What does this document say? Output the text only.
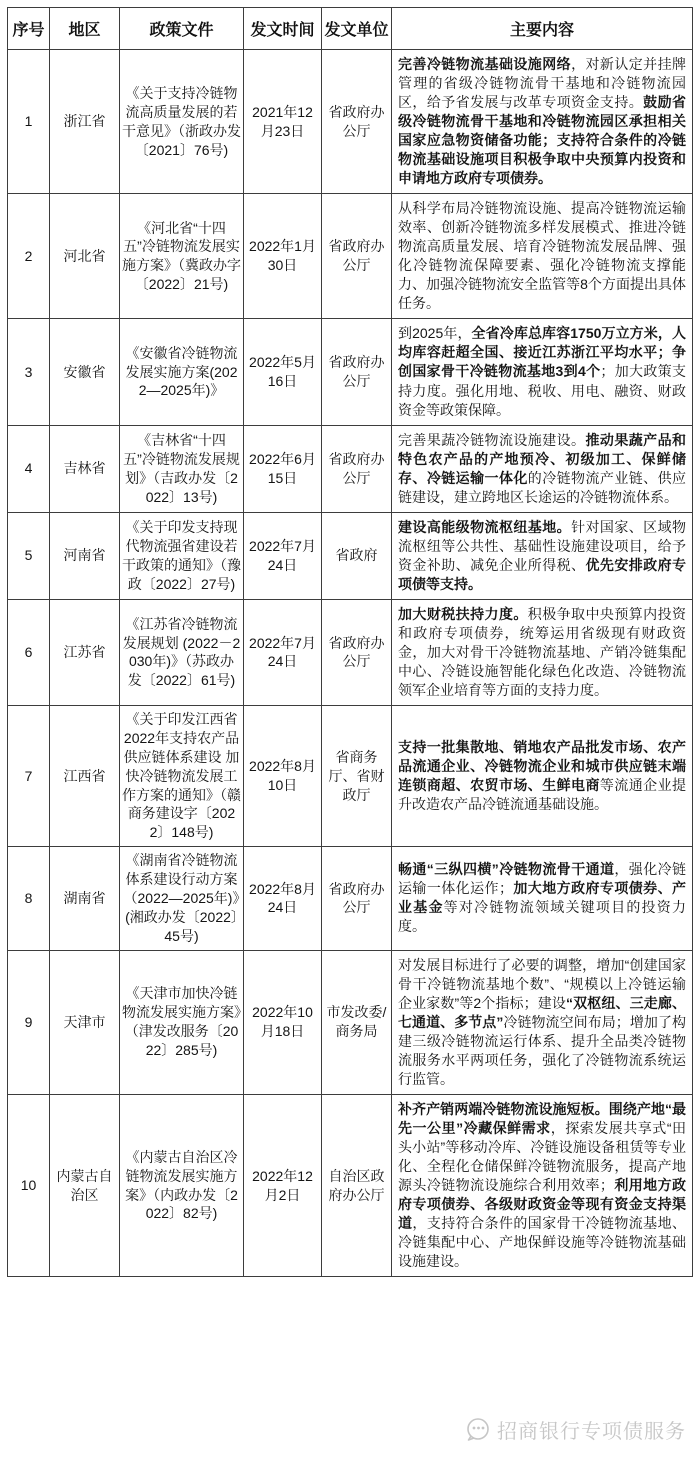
序号	地区	政策文件	发文时间	发文单位	主要内容
1	浙江省	《关于支持冷链物流高质量发展的若干意见》（浙政办发〔2021〕76号)	2021年12月23日	省政府办公厅	完善冷链物流基础设施网络，对新认定并挂牌管理的省级冷链物流骨干基地和冷链物流园区，给予省发展与改革专项资金支持。鼓励省级冷链物流骨干基地和冷链物流园区承担相关国家应急物资储备功能；支持符合条件的冷链物流基础设施项目积极争取中央预算内投资和申请地方政府专项债券。
2	河北省	《河北省“十四五”冷链物流发展实施方案》（冀政办字〔2022〕21号)	2022年1月30日	省政府办公厅	从科学布局冷链物流设施、提高冷链物流运输效率、创新冷链物流多样发展模式、推进冷链物流高质量发展、培育冷链物流发展品牌、强化冷链物流保障要素、强化冷链物流支撑能力、加强冷链物流安全监管等8个方面提出具体任务。
3	安徽省	《安徽省冷链物流发展实施方案(2022—2025年)》	2022年5月16日	省政府办公厅	到2025年，全省冷库总库容1750万立方米，人均库容赶超全国、接近江苏浙江平均水平；争创国家骨干冷链物流基地3到4个；加大政策支持力度。强化用地、税收、用电、融资、财政资金等政策保障。
4	吉林省	《吉林省“十四五”冷链物流发展规划》（吉政办发〔2022〕13号)	2022年6月15日	省政府办公厅	完善果蔬冷链物流设施建设。推动果蔬产品和特色农产品的产地预冷、初级加工、保鲜储存、冷链运输一体化的冷链物流产业链、供应链建设，建立跨地区长途运的冷链物流体系。
5	河南省	《关于印发支持现代物流强省建设若干政策的通知》（豫政〔2022〕27号)	2022年7月24日	省政府	建设高能级物流枢纽基地。针对国家、区域物流枢纽等公共性、基础性设施建设项目，给予资金补助、减免企业所得税、优先安排政府专项债等支持。
6	江苏省	《江苏省冷链物流发展规划 (2022－2030年)》（苏政办发〔2022〕61号)	2022年7月24日	省政府办公厅	加大财税扶持力度。积极争取中央预算内投资和政府专项债券，统筹运用省级现有财政资金，加大对骨干冷链物流基地、产销冷链集配中心、冷链设施智能化绿色化改造、冷链物流领军企业培育等方面的支持力度。
7	江西省	《关于印发江西省2022年支持农产品供应链体系建设 加快冷链物流发展工作方案的通知》（赣商务建设字〔2022〕148号)	2022年8月10日	省商务厅、省财政厅	支持一批集散地、销地农产品批发市场、农产品流通企业、冷链物流企业和城市供应链末端连锁商超、农贸市场、生鲜电商等流通企业提升改造农产品冷链流通基础设施。
8	湖南省	《湖南省冷链物流体系建设行动方案（2022—2025年)》(湘政办发〔2022〕45号)	2022年8月24日	省政府办公厅	畅通“三纵四横”冷链物流骨干通道，强化冷链运输一体化运作；加大地方政府专项债券、产业基金等对冷链物流领域关键项目的投资力度。
9	天津市	《天津市加快冷链物流发展实施方案》（津发改服务〔2022〕285号)	2022年10月18日	市发改委/商务局	对发展目标进行了必要的调整，增加“创建国家骨干冷链物流基地个数”、“规模以上冷链运输企业家数”等2个指标；建设“双枢纽、三走廊、七通道、多节点”冷链物流空间布局；增加了构建三级冷链物流运行体系、提升全品类冷链物流服务水平两项任务，强化了冷链物流系统运行监管。
10	内蒙古自治区	《内蒙古自治区冷链物流发展实施方案》（内政办发〔2022〕82号)	2022年12月2日	自治区政府办公厅	补齐产销两端冷链物流设施短板。围绕产地“最先一公里”冷藏保鲜需求，探索发展共享式“田头小站”等移动冷库、冷链设施设备租赁等专业化、全程化仓储保鲜冷链物流服务，提高产地源头冷链物流设施综合利用效率；利用地方政府专项债券、各级财政资金等现有资金支持渠道，支持符合条件的国家骨干冷链物流基地、冷链集配中心、产地保鲜设施等冷链物流基础设施建设。
招商银行专项债服务
